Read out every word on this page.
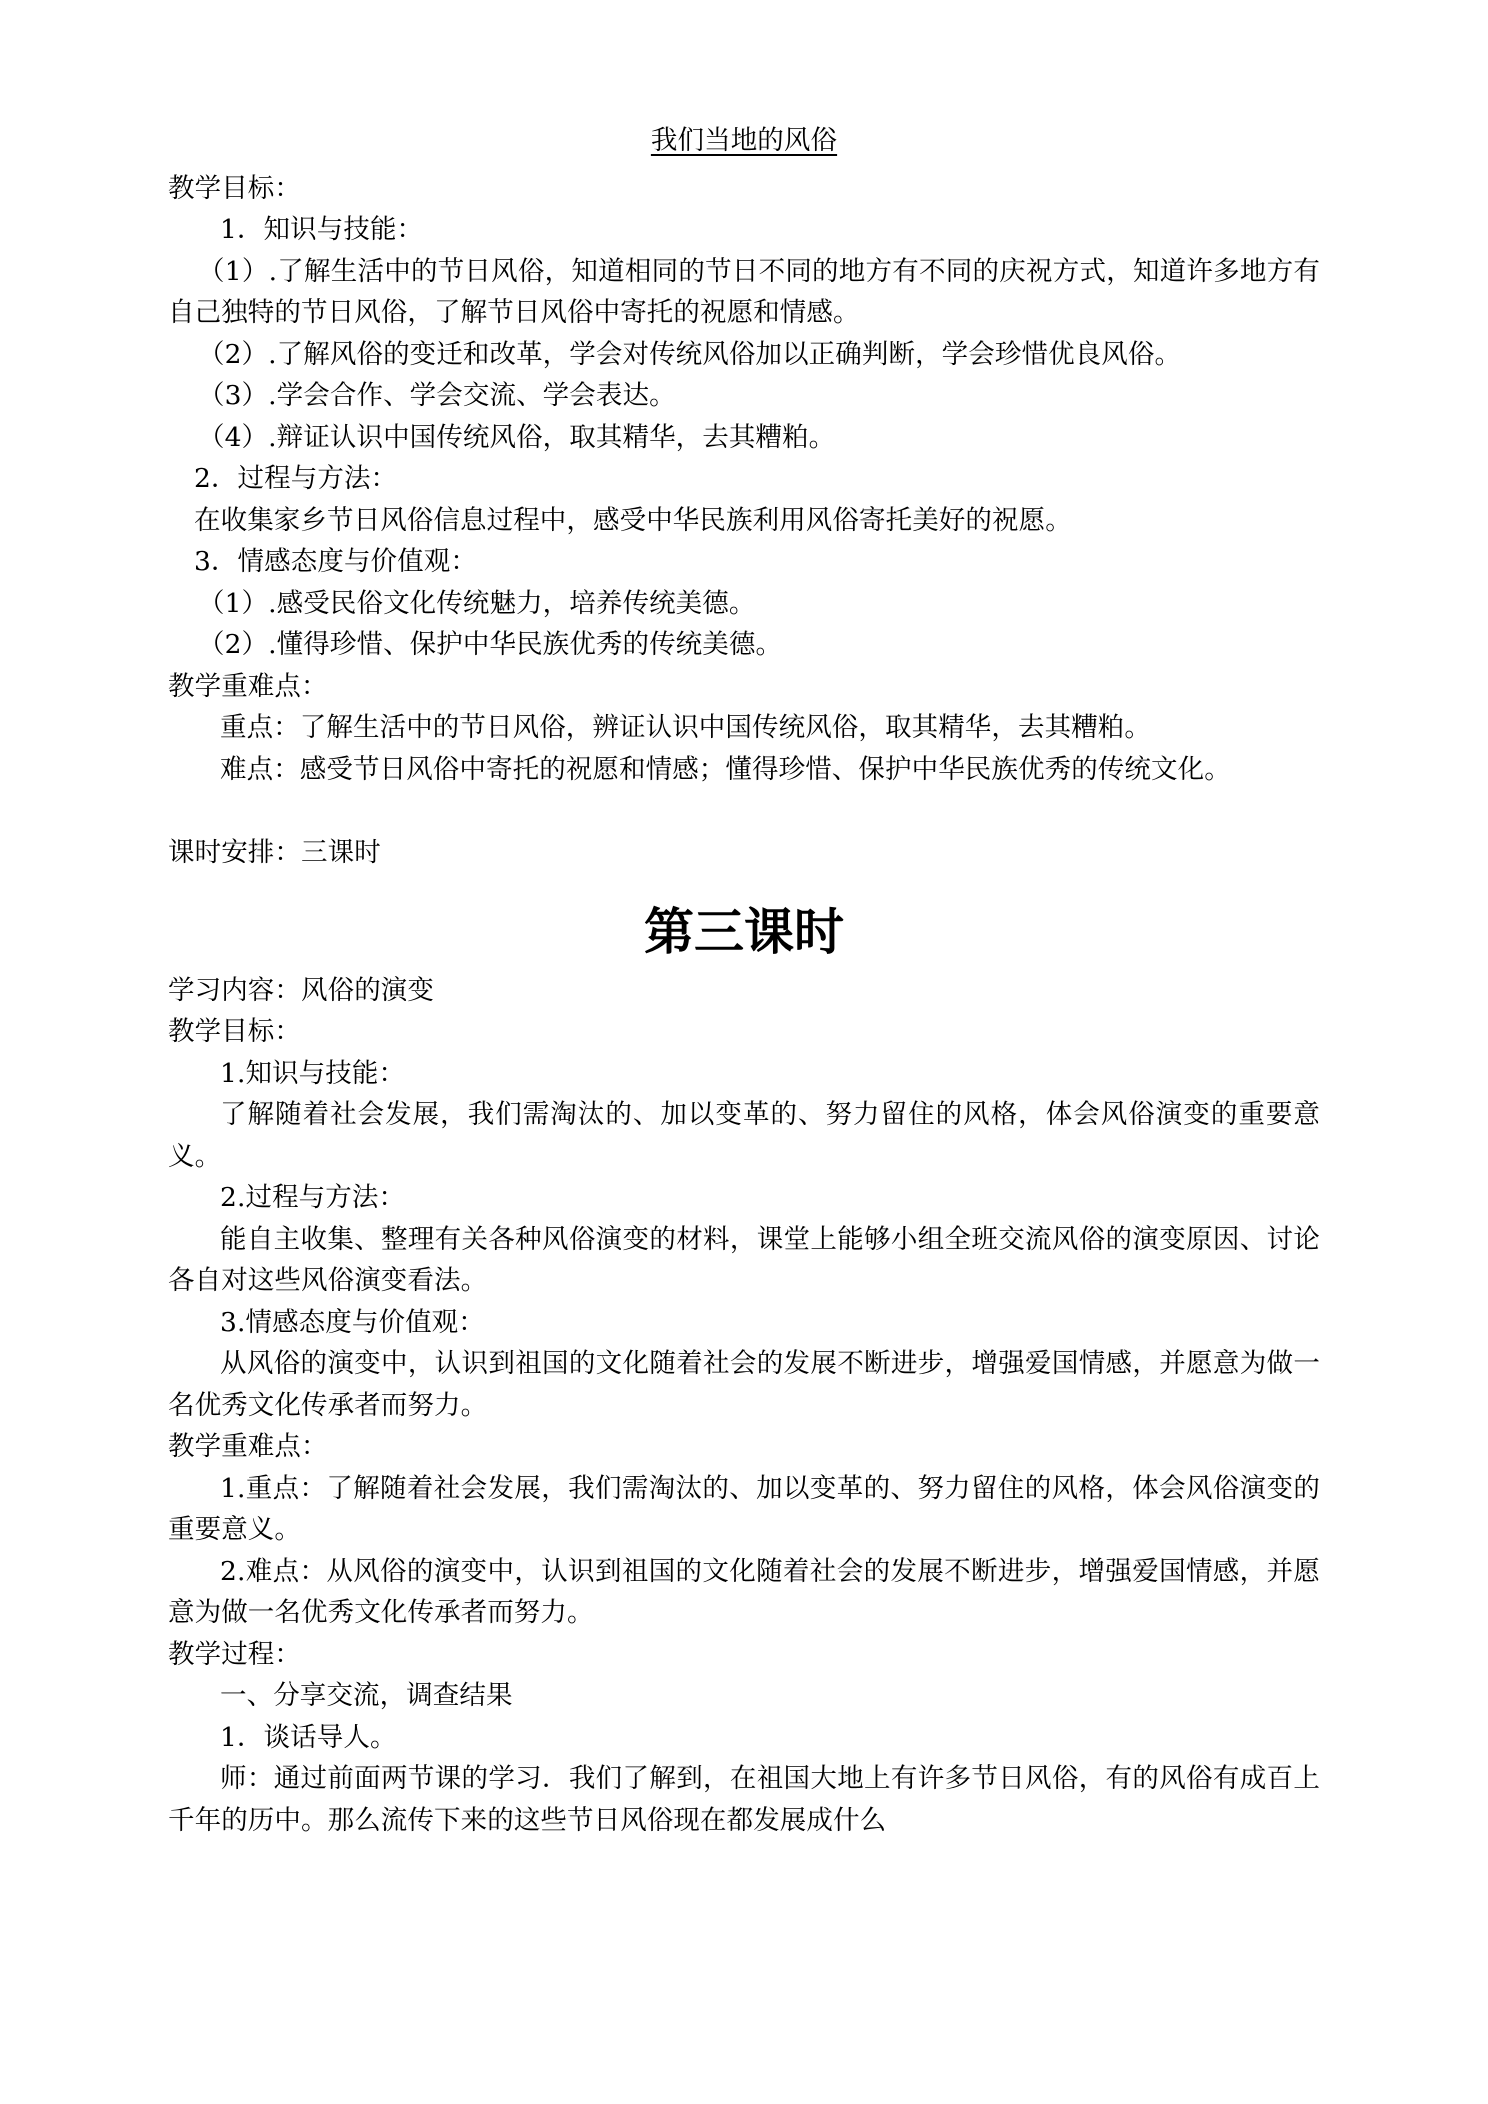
我们当地的风俗

教学目标：

1．知识与技能：

（1）.了解生活中的节日风俗，知道相同的节日不同的地方有不同的庆祝方式，知道许多地方有自己独特的节日风俗，了解节日风俗中寄托的祝愿和情感。

（2）.了解风俗的变迁和改革，学会对传统风俗加以正确判断，学会珍惜优良风俗。

（3）.学会合作、学会交流、学会表达。

（4）.辩证认识中国传统风俗，取其精华，去其糟粕。

2．过程与方法：

在收集家乡节日风俗信息过程中，感受中华民族利用风俗寄托美好的祝愿。

3．情感态度与价值观：

（1）.感受民俗文化传统魅力，培养传统美德。

（2）.懂得珍惜、保护中华民族优秀的传统美德。

教学重难点：

重点：了解生活中的节日风俗，辨证认识中国传统风俗，取其精华，去其糟粕。

难点：感受节日风俗中寄托的祝愿和情感；懂得珍惜、保护中华民族优秀的传统文化。

课时安排：三课时

第三课时

学习内容：风俗的演变

教学目标：

1.知识与技能：

了解随着社会发展，我们需淘汰的、加以变革的、努力留住的风格，体会风俗演变的重要意义。

2.过程与方法：

能自主收集、整理有关各种风俗演变的材料，课堂上能够小组全班交流风俗的演变原因、讨论各自对这些风俗演变看法。

3.情感态度与价值观：

从风俗的演变中，认识到祖国的文化随着社会的发展不断进步，增强爱国情感，并愿意为做一名优秀文化传承者而努力。

教学重难点：

1.重点：了解随着社会发展，我们需淘汰的、加以变革的、努力留住的风格，体会风俗演变的重要意义。

2.难点：从风俗的演变中，认识到祖国的文化随着社会的发展不断进步，增强爱国情感，并愿意为做一名优秀文化传承者而努力。

教学过程：

一、分享交流，调查结果

1．谈话导人。

师：通过前面两节课的学习．我们了解到，在祖国大地上有许多节日风俗，有的风俗有成百上千年的历中。那么流传下来的这些节日风俗现在都发展成什么
